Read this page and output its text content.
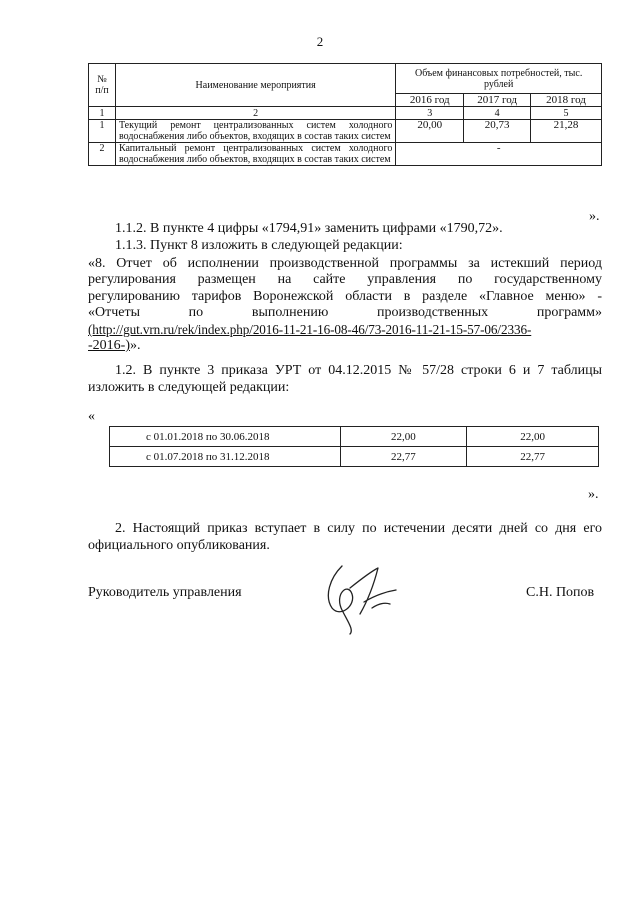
2
№ п/п	Наименование мероприятия	Объем финансовых потребностей, тыс. рублей		
		2016 год	2017 год	2018 год
1	2	3	4	5
1	Текущий ремонт централизованных систем холодного водоснабжения либо объектов, входящих в состав таких систем	20,00	20,73	21,28
2	Капитальный ремонт централизованных систем холодного водоснабжения либо объектов, входящих в состав таких систем	-		
».
1.1.2. В пункте 4 цифры «1794,91» заменить цифрами «1790,72».
1.1.3. Пункт 8 изложить в следующей редакции:
«8. Отчет об исполнении производственной программы за истекший период
регулирования размещен на сайте управления по государственному
регулированию тарифов Воронежской области в разделе «Главное меню» -
«Отчеты по выполнению производственных программ»
(http://gut.vrn.ru/rek/index.php/2016-11-21-16-08-46/73-2016-11-21-15-57-06/2336-
-2016-)».
1.2. В пункте 3 приказа УРТ от 04.12.2015 № 57/28 строки 6 и 7 таблицы
изложить в следующей редакции:
«
с 01.01.2018 по 30.06.2018	22,00	22,00
с 01.07.2018 по 31.12.2018	22,77	22,77
».
2. Настоящий приказ вступает в силу по истечении десяти дней со дня его
официального опубликования.
Руководитель управления	С.Н. Попов
